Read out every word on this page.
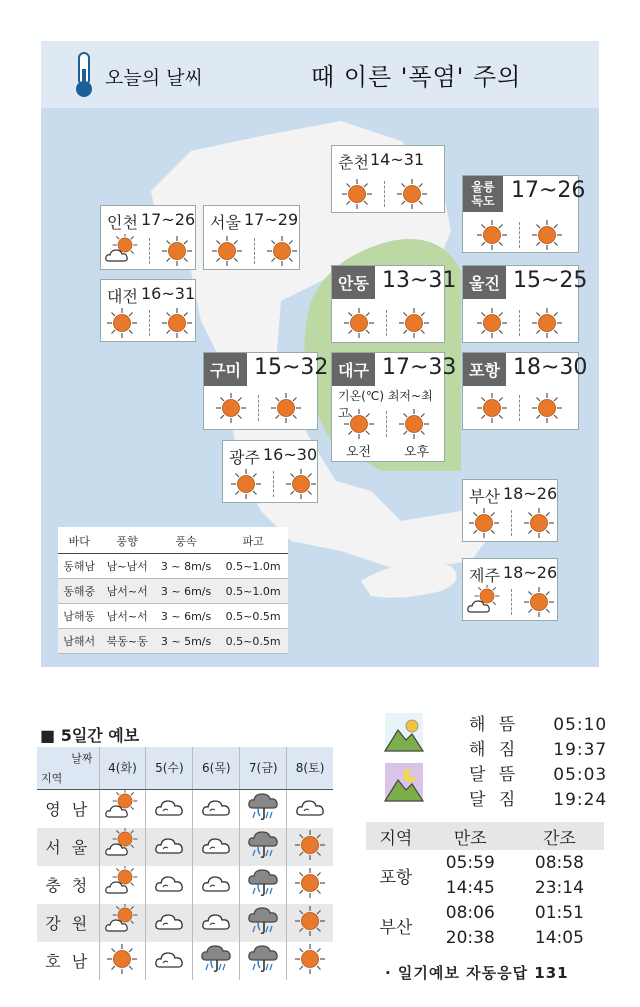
오늘의 날씨	때 이른 '폭염' 주의
춘천 14~31
울릉
독도 17~26
인천 17~26 서울 17~29
대전 16~31
안동 13~31 울진 15~25
구미 15~32 대구 17~33
기온(℃) 최저~최고
오전	오후
포항 18~30
광주 16~30
부산 18~26
제주 18~26
바다	풍향	풍속	파고
동해남	남~남서	3 ~ 8m/s	0.5~1.0m
동해중	남서~서	3 ~ 6m/s	0.5~1.0m
남해동	남서~서	3 ~ 6m/s	0.5~0.5m
남해서	북동~동	3 ~ 5m/s	0.5~0.5m
■ 5일간 예보
날짜
지역	4(화)	5(수)	6(목)	7(금)	8(토)
영 남					
서 울					
충 청					
강 원					
호 남					
해 뜸 05:10
해 짐 19:37
달 뜸 05:03
달 짐 19:24
지역	만조	간조
포항	05:59	08:58
	14:45	23:14
부산	08:06	01:51
	20:38	14:05
· 일기예보 자동응답 131
